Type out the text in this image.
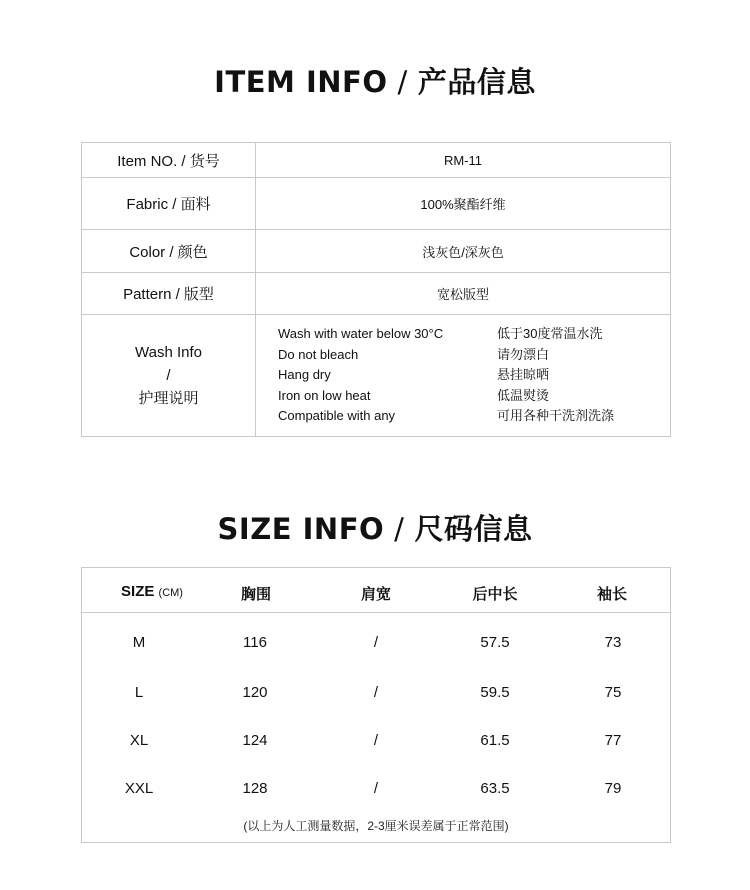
ITEM INFO / 产品信息
Item NO. / 货号	RM-11
Fabric / 面料	100%聚酯纤维
Color / 颜色	浅灰色/深灰色
Pattern / 版型	宽松版型
Wash Info
/
护理说明
Wash with water below 30°C	低于30度常温水洗
Do not bleach	请勿漂白
Hang dry	悬挂晾晒
Iron on low heat	低温熨烫
Compatible with any	可用各种干洗剂洗涤
SIZE INFO / 尺码信息
SIZE (CM)	胸围	肩宽	后中长	袖长
M	116	/	57.5	73
L	120	/	59.5	75
XL	124	/	61.5	77
XXL	128	/	63.5	79
(以上为人工测量数据，2-3厘米误差属于正常范围)
